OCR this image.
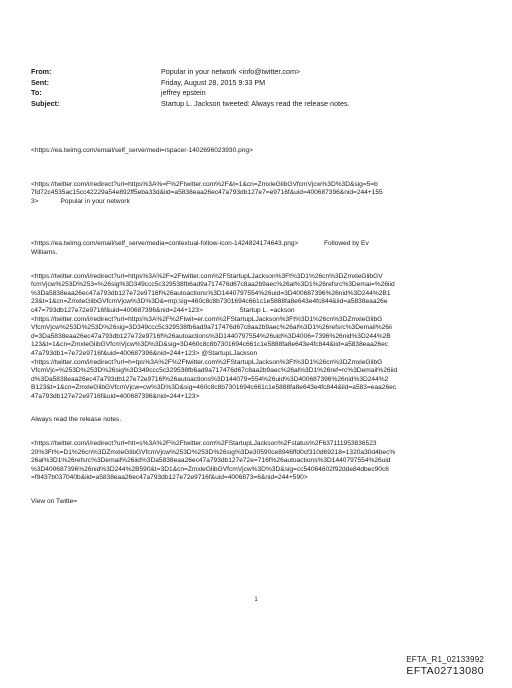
From:	Popular in your network <info@twitter.com>
Sent:	Friday, August 28, 2015 9:33 PM
To:	jeffrey epstein
Subject:	Startup L. Jackson tweeted: Always read the release notes.
<https://ea.twimg.com/email/self_serve/medi=/spacer-1402696023930.png>
<https://twitter.com/i/redirect?url=https%3A%=F%2Ftwitter.com%2F&t=1&cn=ZmxleGlibGVfcmVjcw%3D%3D&sig=5=b
7fd72c4535ac15cc42229a54e892ff5eba33d&iid=a5838eaa26ec47a793db127e7=e9716f&uid=400687396&nid=244+155
3>            Popular in your network
<https://ea.twimg.com/email/self_serve/media=contextual-follow-icon-1424824174643.png>              Followed by Ev
Williams.
<https://twitter.com/i/redirect?url=https%3A%2F=2Ftwitter.com%2FStartupLJackson%3Ft%3D1%26cn%3DZmxleGlibGV
fcmVjcw%253D%253=%26sig%3D349ccc5c329538fb6ad9a717476d67c8aa2b9aec%26al%3D1%26refsrc%3Demai=%26iid
%3Da5838eaa26ec47a793db127e72e9716f%26autoactions%3D1440797554%26uid=3D400687396%26nid%3D244%2B1
23&t=1&cn=ZmxleGlibGVfcmVjcw%3D%3D&=mp;sig=460c8c8b7301694c661c1e5888fa8e643e4fc844&iid=a5838eaa26e
c47=793db127e72e9716f&uid=400687396&nid=244+123>                    Startup L. =ackson
<https://twitter.com/i/redirect?url=https%3A%2F%2Ftwit=er.com%2FStartupLJackson%3Ft%3D1%26cn%3DZmxleGlibG
VfcmVjcw%253D%253D%26sig=3D349ccc5c329538fb6ad9a717476d67c8aa2b9aec%26al%3D1%26refsrc%3Demail%26ii
d=3Da5838eaa26ec47a793db127e72e9716f%26autoactions%3D1440797554%26uid%3D4006=7396%26nid%3D244%2B
123&t=1&cn=ZmxleGlibGVfcmVjcw%3D%3D&sig=3D460c8c8b7301694c661c1e5888fa8e643e4fc844&iid=a5838eaa26ec
47a793db1=7e72e9716f&uid=400687396&nid=244+123> @StartupLJackson
<https://twitter.com/i/redirect?url=h=tps%3A%2F%2Ftwitter.com%2FStartupLJackson%3Ft%3D1%26cn%3DZmxleGlibG
VfcmVjc=%253D%253D%26sig%3D349ccc5c329538fb6ad9a717476d67c8aa2b9aec%26al%3D1%26ref=rc%3Demail%26iid
d%3Da5838eaa26ec47a793db127e72e9716f%26autoactions%3D144079=554%26uid%3D400687396%26nid%3D244%2
B123&t=1&cn=ZmxleGlibGVfcmVjcw=cw%3D%3D&sig=460c8c8b7301694c661c1e5888fa8e643e4fc844&iid=a583=eaa26ec
47a793db127e72e9716f&uid=400687396&nid=244+123>
Always read the release notes.
<https://twitter.com/i/redirect?url=htt=s%3A%2F%2Ftwitter.com%2FStartupLJackson%2Fstatus%2F637111953836523
20%3Ft%=D1%26cn%3DZmxleGlibGVfcmVjcw%253D%253D%26sig%3De30590ce8946ffd0cf310d69218=1320a30d4bec%
26al%3D1%26refsrc%3Demail%26iid%3Da5838eaa26ec47a793db127e72e=716f%26autoactions%3D1440797554%26uid
%3D400687396%26nid%3D244%2B590&t=3D1&cn=ZmxleGlibGVfcmVjcw%3D%3D&sig=cc54064602f92dde84dbec90c6
=f9437b037040b&iid=a5838eaa26ec47a793db127e72e9716f&uid=4006873=6&nid=244+590>
View on Twitte=
1
EFTA_R1_02133992
EFTA02713080
